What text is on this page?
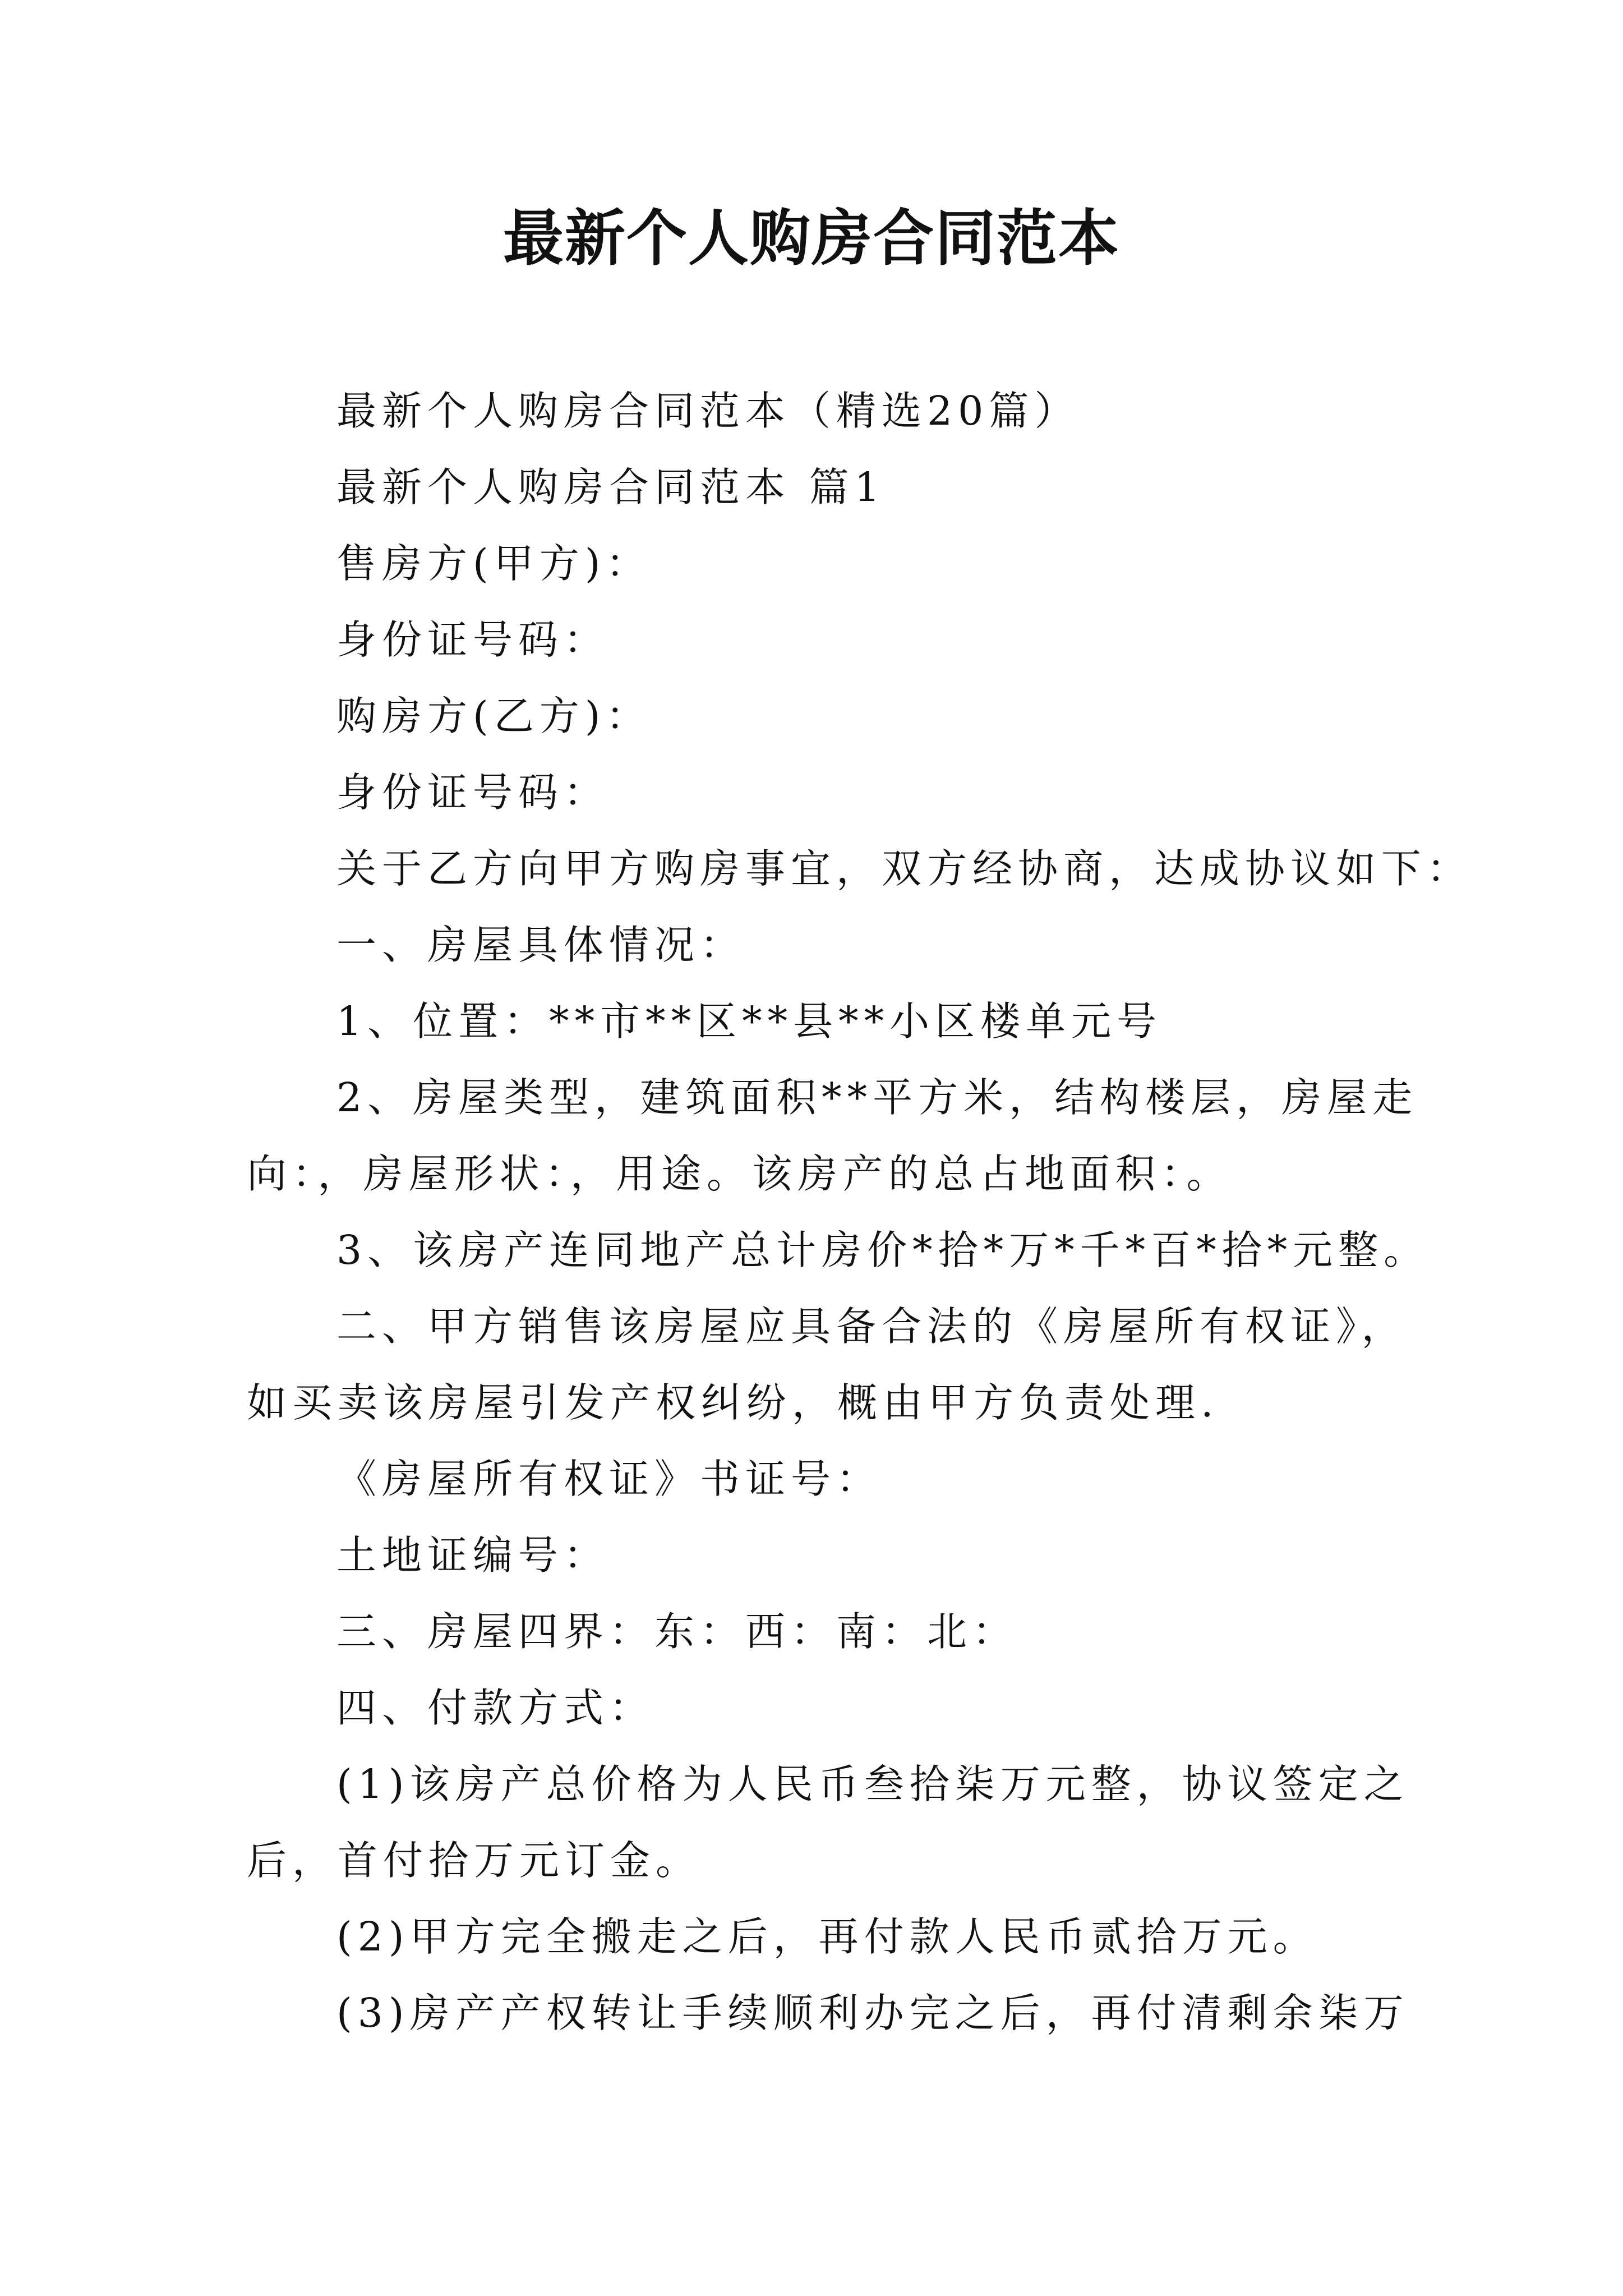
最新个人购房合同范本
最新个人购房合同范本（精选20篇）
最新个人购房合同范本 篇1
售房方(甲方)：
身份证号码：
购房方(乙方)：
身份证号码：
关于乙方向甲方购房事宜，双方经协商，达成协议如下：
一、房屋具体情况：
1、位置：**市**区**县**小区楼单元号
2、房屋类型，建筑面积**平方米，结构楼层，房屋走
向：，房屋形状：，用途。该房产的总占地面积：。
3、该房产连同地产总计房价*拾*万*千*百*拾*元整。
二、甲方销售该房屋应具备合法的《房屋所有权证》，
如买卖该房屋引发产权纠纷，概由甲方负责处理.
《房屋所有权证》书证号：
土地证编号：
三、房屋四界：东：西：南：北：
四、付款方式：
(1)该房产总价格为人民币叁拾柒万元整，协议签定之
后，首付拾万元订金。
(2)甲方完全搬走之后，再付款人民币贰拾万元。
(3)房产产权转让手续顺利办完之后，再付清剩余柒万
